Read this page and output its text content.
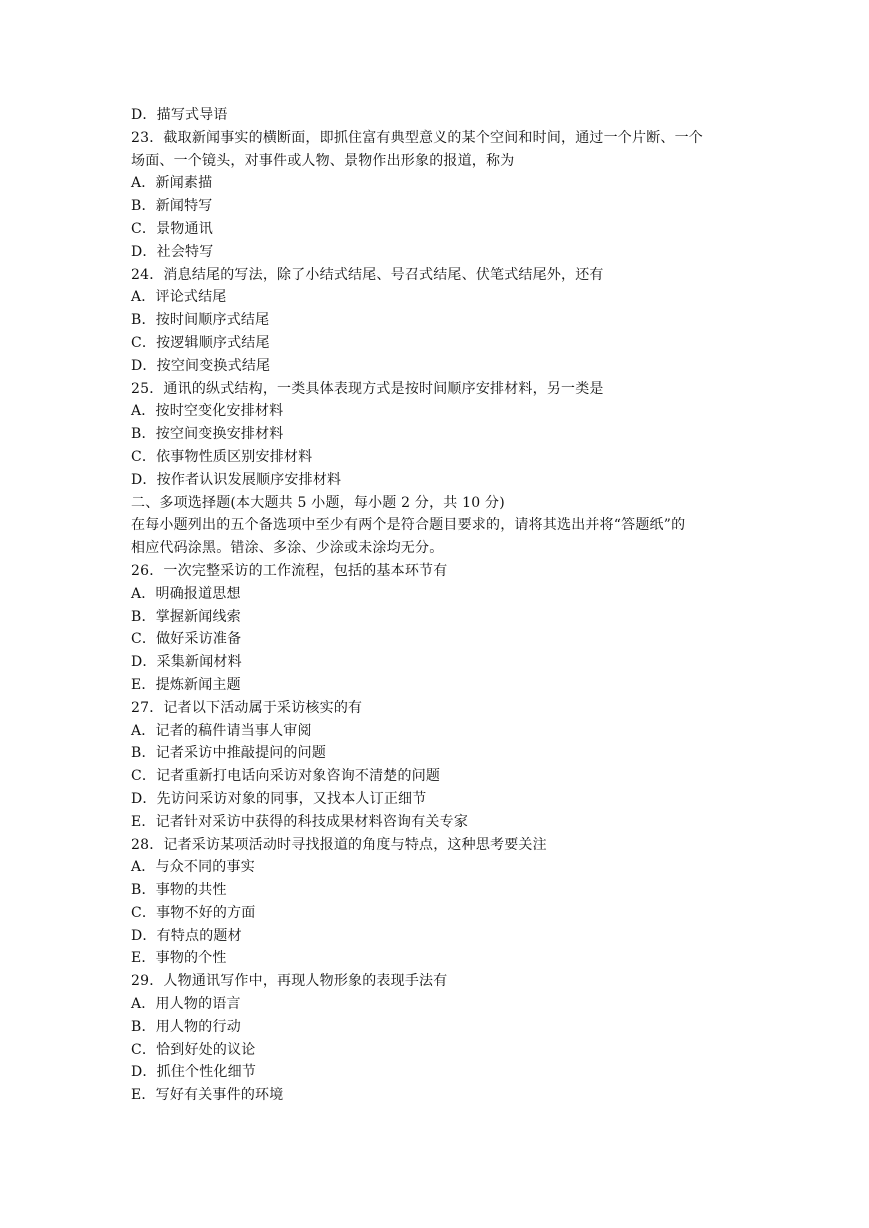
D．描写式导语
23．截取新闻事实的横断面，即抓住富有典型意义的某个空间和时间，通过一个片断、一个
场面、一个镜头，对事件或人物、景物作出形象的报道，称为
A．新闻素描
B．新闻特写
C．景物通讯
D．社会特写
24．消息结尾的写法，除了小结式结尾、号召式结尾、伏笔式结尾外，还有
A．评论式结尾
B．按时间顺序式结尾
C．按逻辑顺序式结尾
D．按空间变换式结尾
25．通讯的纵式结构，一类具体表现方式是按时间顺序安排材料，另一类是
A．按时空变化安排材料
B．按空间变换安排材料
C．依事物性质区别安排材料
D．按作者认识发展顺序安排材料
二、多项选择题(本大题共 5 小题，每小题 2 分，共 10 分)
在每小题列出的五个备选项中至少有两个是符合题目要求的，请将其选出并将“答题纸”的
相应代码涂黑。错涂、多涂、少涂或未涂均无分。
26．一次完整采访的工作流程，包括的基本环节有
A．明确报道思想
B．掌握新闻线索
C．做好采访准备
D．采集新闻材料
E．提炼新闻主题
27．记者以下活动属于采访核实的有
A．记者的稿件请当事人审阅
B．记者采访中推敲提问的问题
C．记者重新打电话向采访对象咨询不清楚的问题
D．先访问采访对象的同事，又找本人订正细节
E．记者针对采访中获得的科技成果材料咨询有关专家
28．记者采访某项活动时寻找报道的角度与特点，这种思考要关注
A．与众不同的事实
B．事物的共性
C．事物不好的方面
D．有特点的题材
E．事物的个性
29．人物通讯写作中，再现人物形象的表现手法有
A．用人物的语言
B．用人物的行动
C．恰到好处的议论
D．抓住个性化细节
E．写好有关事件的环境
